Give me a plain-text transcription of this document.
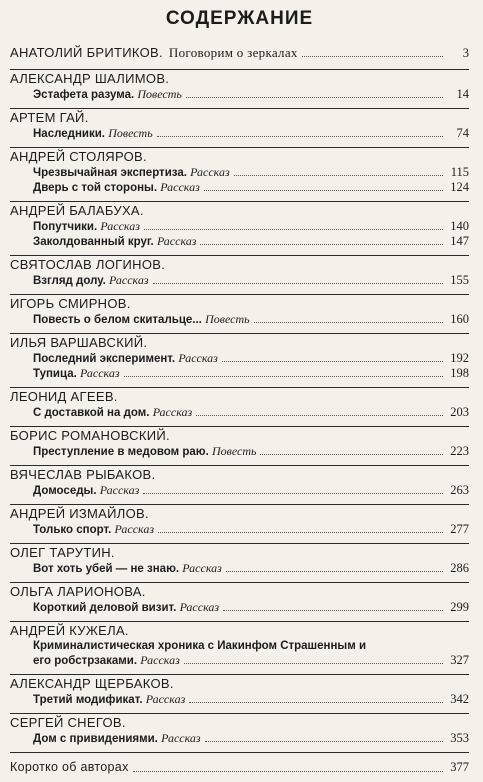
СОДЕРЖАНИЕ
АНАТОЛИЙ БРИТИКОВ. Поговорим о зеркалах	3
АЛЕКСАНДР ШАЛИМОВ.
Эстафета разума. Повесть	14
АРТЕМ ГАЙ.
Наследники. Повесть	74
АНДРЕЙ СТОЛЯРОВ.
Чрезвычайная экспертиза. Рассказ	115
Дверь с той стороны. Рассказ	124
АНДРЕЙ БАЛАБУХА.
Попутчики. Рассказ	140
Заколдованный круг. Рассказ	147
СВЯТОСЛАВ ЛОГИНОВ.
Взгляд долу. Рассказ	155
ИГОРЬ СМИРНОВ.
Повесть о белом скитальце... Повесть	160
ИЛЬЯ ВАРШАВСКИЙ.
Последний эксперимент. Рассказ	192
Тупица. Рассказ	198
ЛЕОНИД АГЕЕВ.
С доставкой на дом. Рассказ	203
БОРИС РОМАНОВСКИЙ.
Преступление в медовом раю. Повесть	223
ВЯЧЕСЛАВ РЫБАКОВ.
Домоседы. Рассказ	263
АНДРЕЙ ИЗМАЙЛОВ.
Только спорт. Рассказ	277
ОЛЕГ ТАРУТИН.
Вот хоть убей — не знаю. Рассказ	286
ОЛЬГА ЛАРИОНОВА.
Короткий деловой визит. Рассказ	299
АНДРЕЙ КУЖЕЛА.
Криминалистическая хроника с Иакинфом Страшенным и
его робстрзаками. Рассказ	327
АЛЕКСАНДР ЩЕРБАКОВ.
Третий модификат. Рассказ	342
СЕРГЕЙ СНЕГОВ.
Дом с привидениями. Рассказ	353
Коротко об авторах	377
